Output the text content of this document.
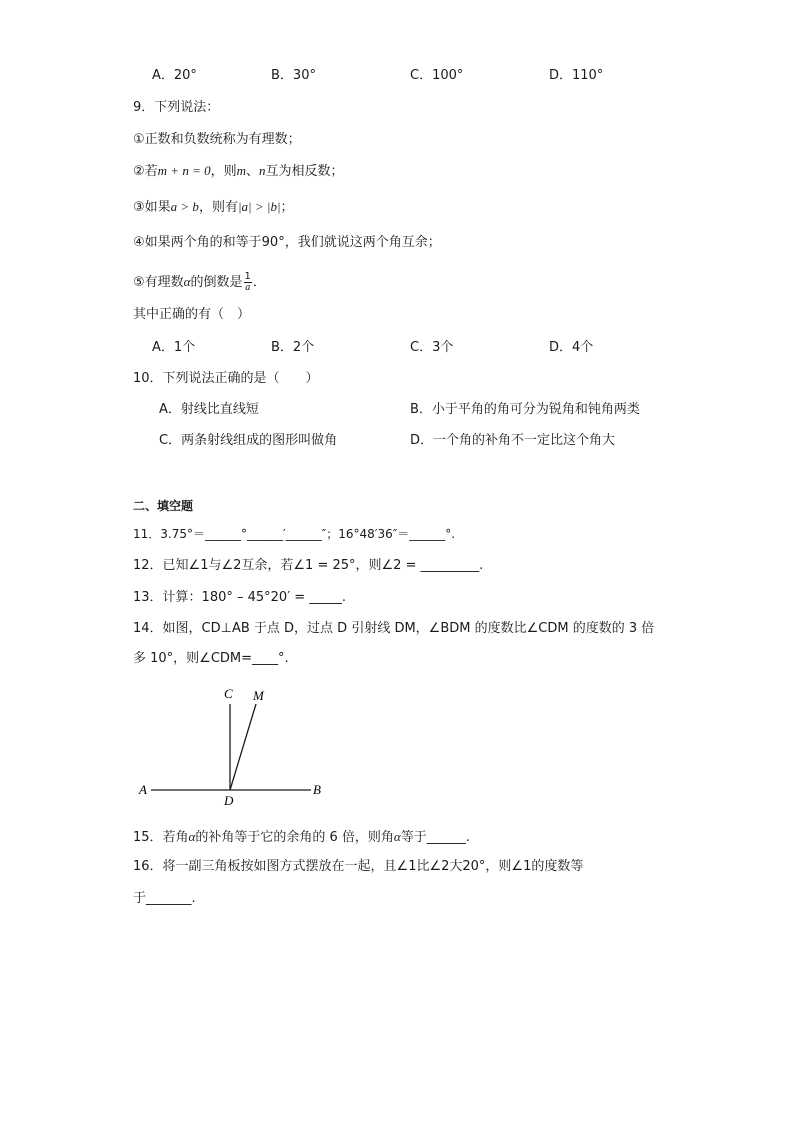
A．20°	B．30°	C．100°	D．110°
9．下列说法：
①正数和负数统称为有理数；
②若m + n = 0，则m、n互为相反数；
③如果a > b，则有|a| > |b|；
④如果两个角的和等于90°，我们就说这两个角互余；
⑤有理数α的倒数是 $\frac{1}{a}$ ．
其中正确的有（　）
A．1个	B．2个	C．3个	D．4个
10．下列说法正确的是（　　）
A．射线比直线短	B．小于平角的角可分为锐角和钝角两类
C．两条射线组成的图形叫做角	D．一个角的补角不一定比这个角大
二、填空题
11．3.75°＝______°______′______″；16°48′36″＝______°.
12．已知∠1与∠2互余，若∠1 = 25°，则∠2 = _________.
13．计算：180° – 45°20′ = _____.
14．如图，CD⊥AB 于点 D，过点 D 引射线 DM，∠BDM 的度数比∠CDM 的度数的 3 倍
多 10°，则∠CDM=____°.
C M
A
D
B
15．若角α的补角等于它的余角的 6 倍，则角α等于______.
16．将一副三角板按如图方式摆放在一起，且∠1比∠2大20°，则∠1的度数等
于_______.
